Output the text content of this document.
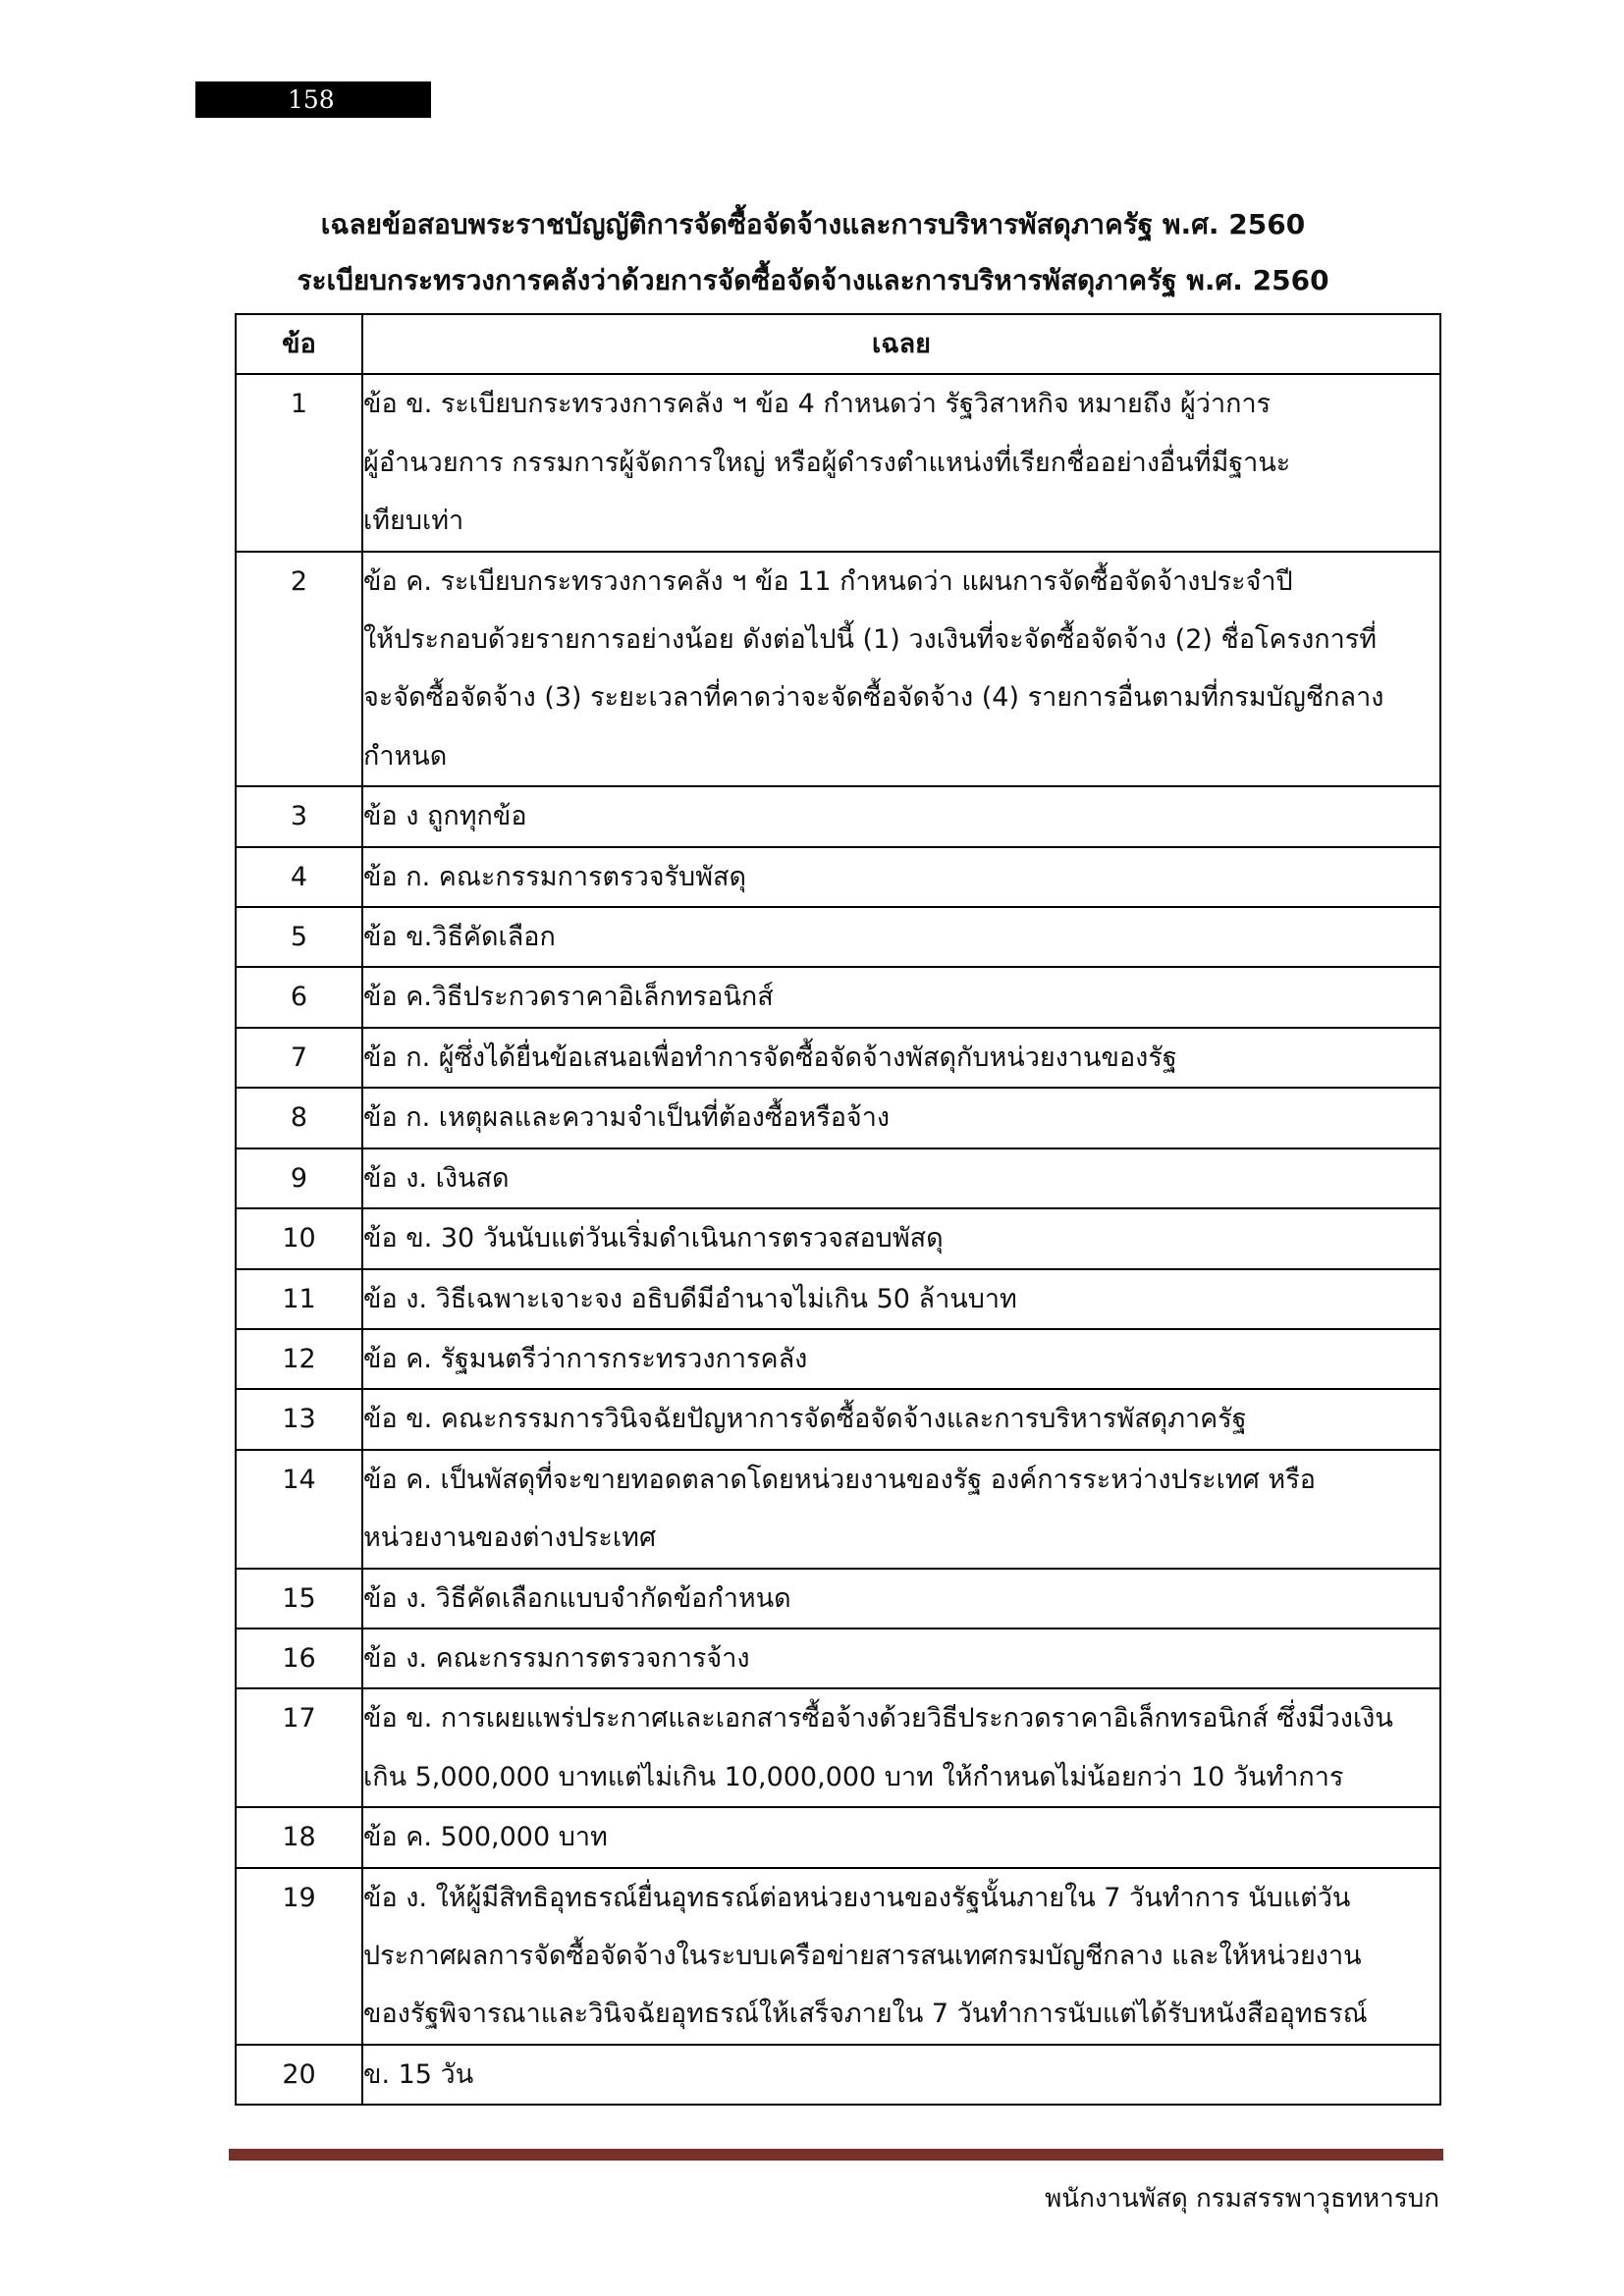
158
เฉลยข้อสอบพระราชบัญญัติการจัดซื้อจัดจ้างและการบริหารพัสดุภาครัฐ พ.ศ. 2560
ระเบียบกระทรวงการคลังว่าด้วยการจัดซื้อจัดจ้างและการบริหารพัสดุภาครัฐ พ.ศ. 2560
ข้อ	เฉลย
1	ข้อ ข. ระเบียบกระทรวงการคลัง ฯ ข้อ 4 กำหนดว่า รัฐวิสาหกิจ หมายถึง ผู้ว่าการ
ผู้อำนวยการ กรรมการผู้จัดการใหญ่ หรือผู้ดำรงตำแหน่งที่เรียกชื่ออย่างอื่นที่มีฐานะ
เทียบเท่า

2	ข้อ ค. ระเบียบกระทรวงการคลัง ฯ ข้อ 11 กำหนดว่า แผนการจัดซื้อจัดจ้างประจำปี
ให้ประกอบด้วยรายการอย่างน้อย ดังต่อไปนี้ (1) วงเงินที่จะจัดซื้อจัดจ้าง (2) ชื่อโครงการที่
จะจัดซื้อจัดจ้าง (3) ระยะเวลาที่คาดว่าจะจัดซื้อจัดจ้าง (4) รายการอื่นตามที่กรมบัญชีกลาง
กำหนด

3	ข้อ ง ถูกทุกข้อ

4	ข้อ ก. คณะกรรมการตรวจรับพัสดุ

5	ข้อ ข.วิธีคัดเลือก

6	ข้อ ค.วิธีประกวดราคาอิเล็กทรอนิกส์

7	ข้อ ก. ผู้ซึ่งได้ยื่นข้อเสนอเพื่อทำการจัดซื้อจัดจ้างพัสดุกับหน่วยงานของรัฐ

8	ข้อ ก. เหตุผลและความจำเป็นที่ต้องซื้อหรือจ้าง

9	ข้อ ง. เงินสด

10	ข้อ ข. 30 วันนับแต่วันเริ่มดำเนินการตรวจสอบพัสดุ

11	ข้อ ง. วิธีเฉพาะเจาะจง อธิบดีมีอำนาจไม่เกิน 50 ล้านบาท

12	ข้อ ค. รัฐมนตรีว่าการกระทรวงการคลัง

13	ข้อ ข. คณะกรรมการวินิจฉัยปัญหาการจัดซื้อจัดจ้างและการบริหารพัสดุภาครัฐ

14	ข้อ ค. เป็นพัสดุที่จะขายทอดตลาดโดยหน่วยงานของรัฐ องค์การระหว่างประเทศ หรือ
หน่วยงานของต่างประเทศ

15	ข้อ ง. วิธีคัดเลือกแบบจำกัดข้อกำหนด

16	ข้อ ง. คณะกรรมการตรวจการจ้าง

17	ข้อ ข. การเผยแพร่ประกาศและเอกสารซื้อจ้างด้วยวิธีประกวดราคาอิเล็กทรอนิกส์ ซึ่งมีวงเงิน
เกิน 5,000,000 บาทแต่ไม่เกิน 10,000,000 บาท ให้กำหนดไม่น้อยกว่า 10 วันทำการ

18	ข้อ ค. 500,000 บาท

19	ข้อ ง. ให้ผู้มีสิทธิอุทธรณ์ยื่นอุทธรณ์ต่อหน่วยงานของรัฐนั้นภายใน 7 วันทำการ นับแต่วัน
ประกาศผลการจัดซื้อจัดจ้างในระบบเครือข่ายสารสนเทศกรมบัญชีกลาง และให้หน่วยงาน
ของรัฐพิจารณาและวินิจฉัยอุทธรณ์ให้เสร็จภายใน 7 วันทำการนับแต่ได้รับหนังสืออุทธรณ์

20	ข. 15 วัน
พนักงานพัสดุ กรมสรรพาวุธทหารบก
